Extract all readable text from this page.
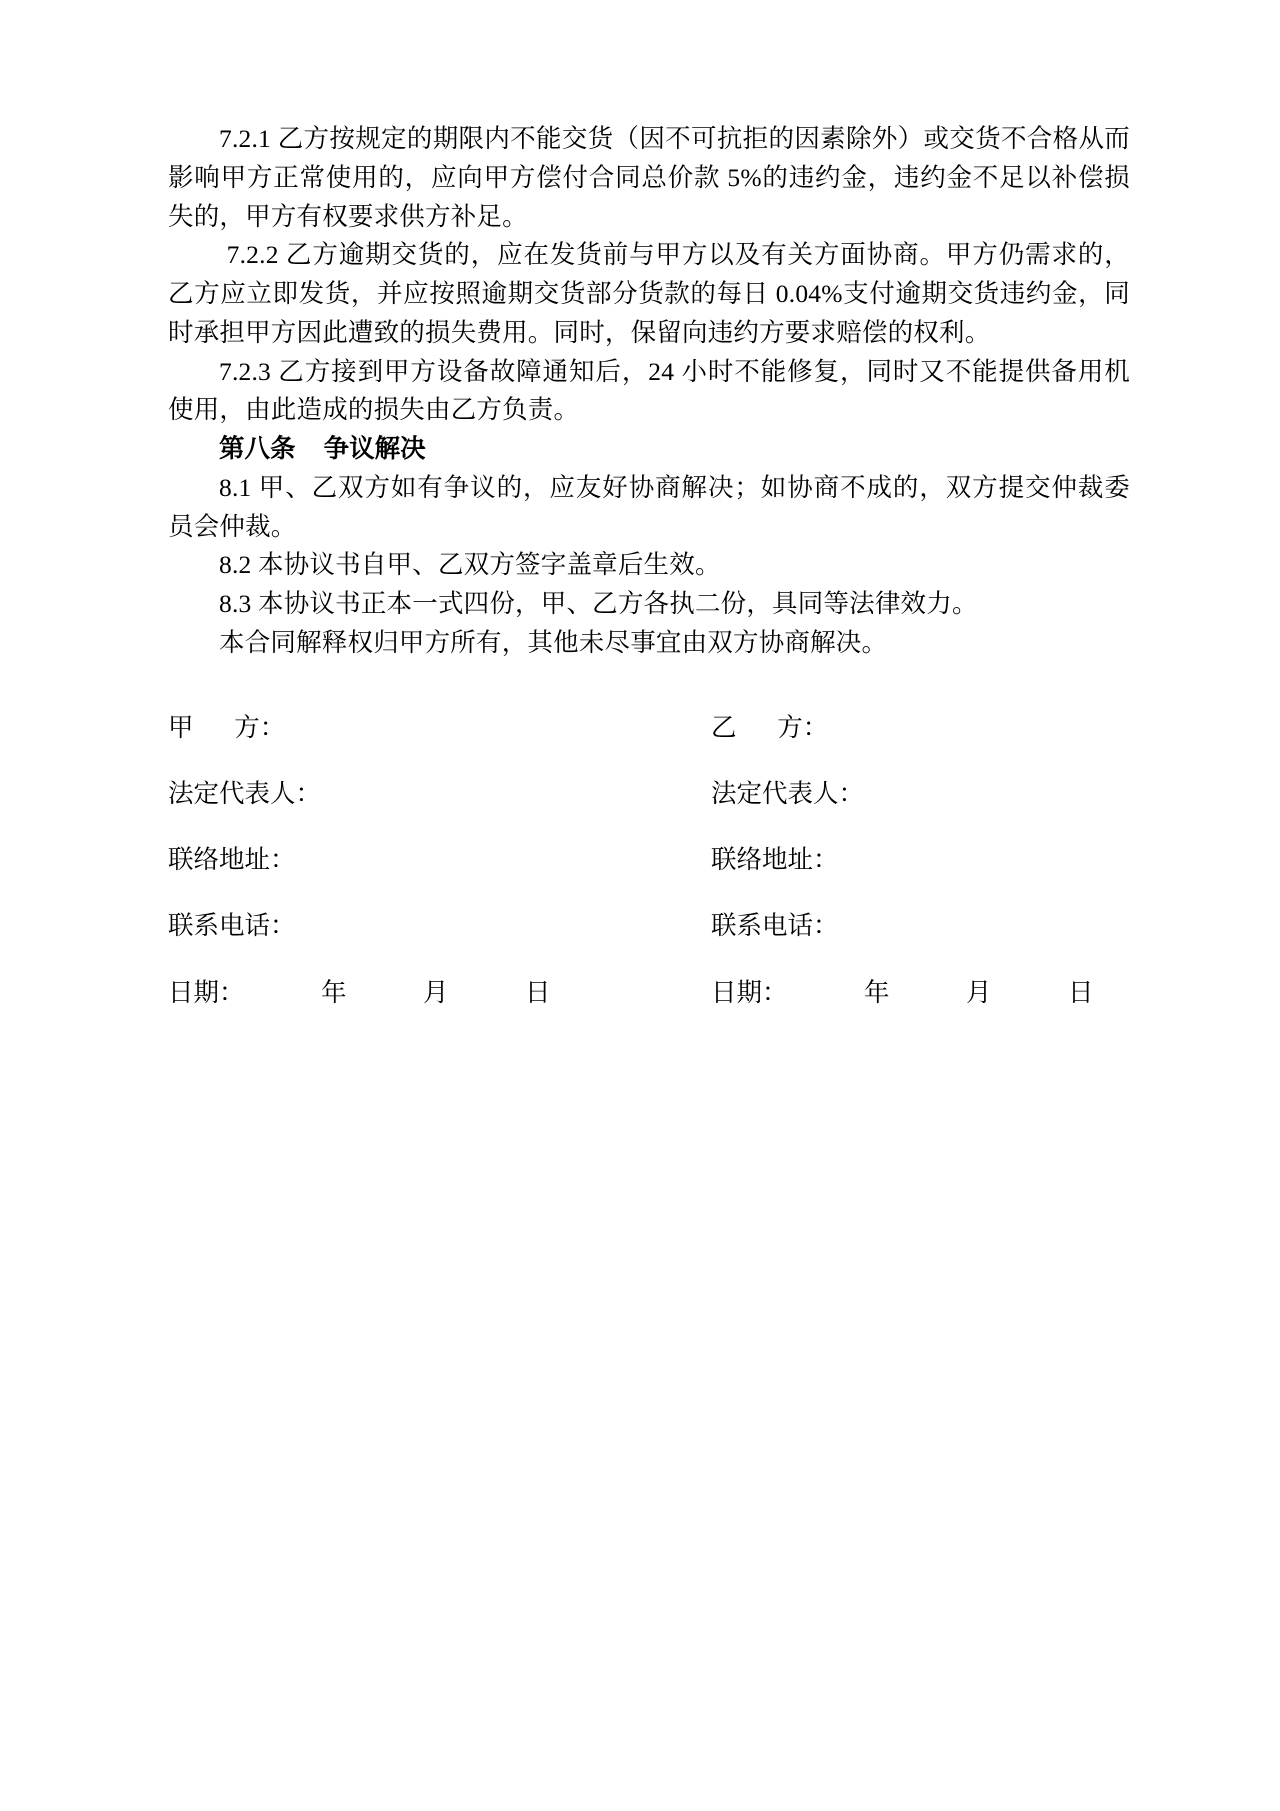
7.2.1 乙方按规定的期限内不能交货（因不可抗拒的因素除外）或交货不合格从而影响甲方正常使用的，应向甲方偿付合同总价款 5%的违约金，违约金不足以补偿损失的，甲方有权要求供方补足。

7.2.2 乙方逾期交货的，应在发货前与甲方以及有关方面协商。甲方仍需求的，乙方应立即发货，并应按照逾期交货部分货款的每日 0.04%支付逾期交货违约金，同时承担甲方因此遭致的损失费用。同时，保留向违约方要求赔偿的权利。

7.2.3 乙方接到甲方设备故障通知后，24 小时不能修复，同时又不能提供备用机使用，由此造成的损失由乙方负责。

第八条 争议解决

8.1 甲、乙双方如有争议的，应友好协商解决；如协商不成的，双方提交仲裁委员会仲裁。

8.2 本协议书自甲、乙双方签字盖章后生效。

8.3 本协议书正本一式四份，甲、乙方各执二份，具同等法律效力。

本合同解释权归甲方所有，其他未尽事宜由双方协商解决。

甲 方：	乙 方：
法定代表人：	法定代表人：
联络地址：	联络地址：
联系电话：	联系电话：
日期：	年	月	日	日期：	年	月	日
